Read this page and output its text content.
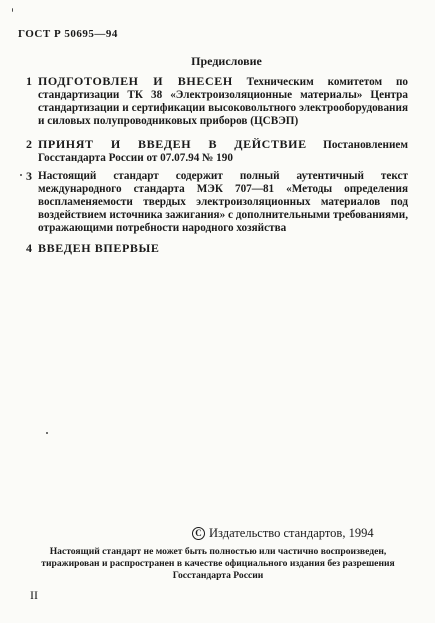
ГОСТ Р 50695—94
Предисловие
1 ПОДГОТОВЛЕН И ВНЕСЕН Техническим комитетом по стандартизации ТК 38 «Электроизоляционные материалы» Центра стандартизации и сертификации высоковольтного электрооборудования и силовых полупроводниковых приборов (ЦСВЭП)
2 ПРИНЯТ И ВВЕДЕН В ДЕЙСТВИЕ Постановлением Госстандарта России от 07.07.94 № 190
3 Настоящий стандарт содержит полный аутентичный текст международного стандарта МЭК 707—81 «Методы определения воспламеняемости твердых электроизоляционных материалов под воздействием источника зажигания» с дополнительными требованиями, отражающими потребности народного хозяйства
4 ВВЕДЕН ВПЕРВЫЕ
C Издательство стандартов, 1994
Настоящий стандарт не может быть полностью или частично воспроизведен, тиражирован и распространен в качестве официального издания без разрешения Госстандарта России
II
